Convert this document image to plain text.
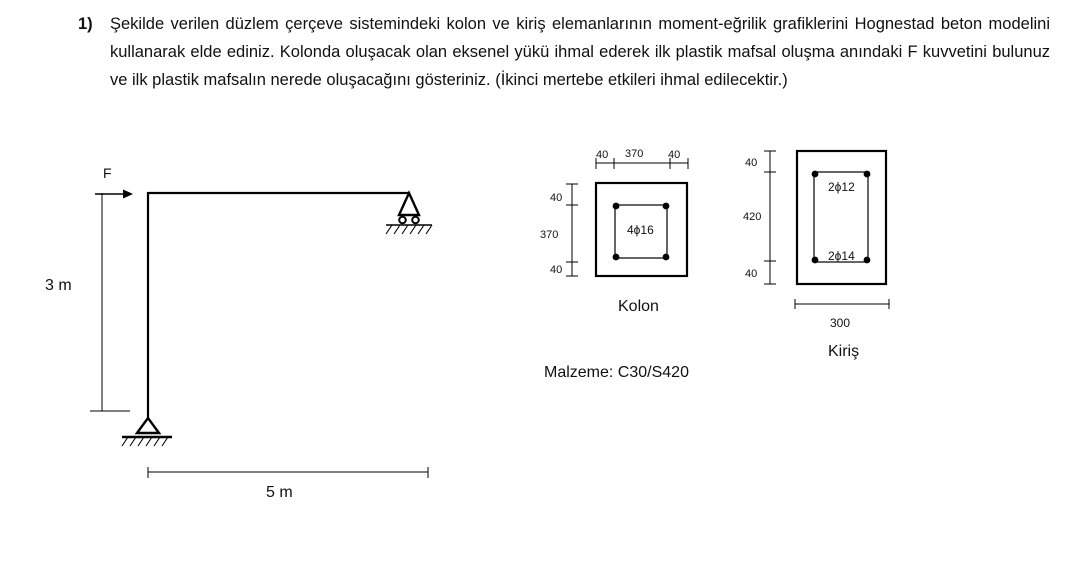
1) Şekilde verilen düzlem çerçeve sistemindeki kolon ve kiriş elemanlarının moment-eğrilik grafiklerini Hognestad beton modelini kullanarak elde ediniz. Kolonda oluşacak olan eksenel yükü ihmal ederek ilk plastik mafsal oluşma anındaki F kuvvetini bulunuz ve ilk plastik mafsalın nerede oluşacağını gösteriniz. (İkinci mertebe etkileri ihmal edilecektir.)
F
3 m
5 m
40 370 40
40
370
40
4ϕ16
Kolon
40
420
40
2ϕ12
2ϕ14
300
Kiriş
Malzeme: C30/S420
